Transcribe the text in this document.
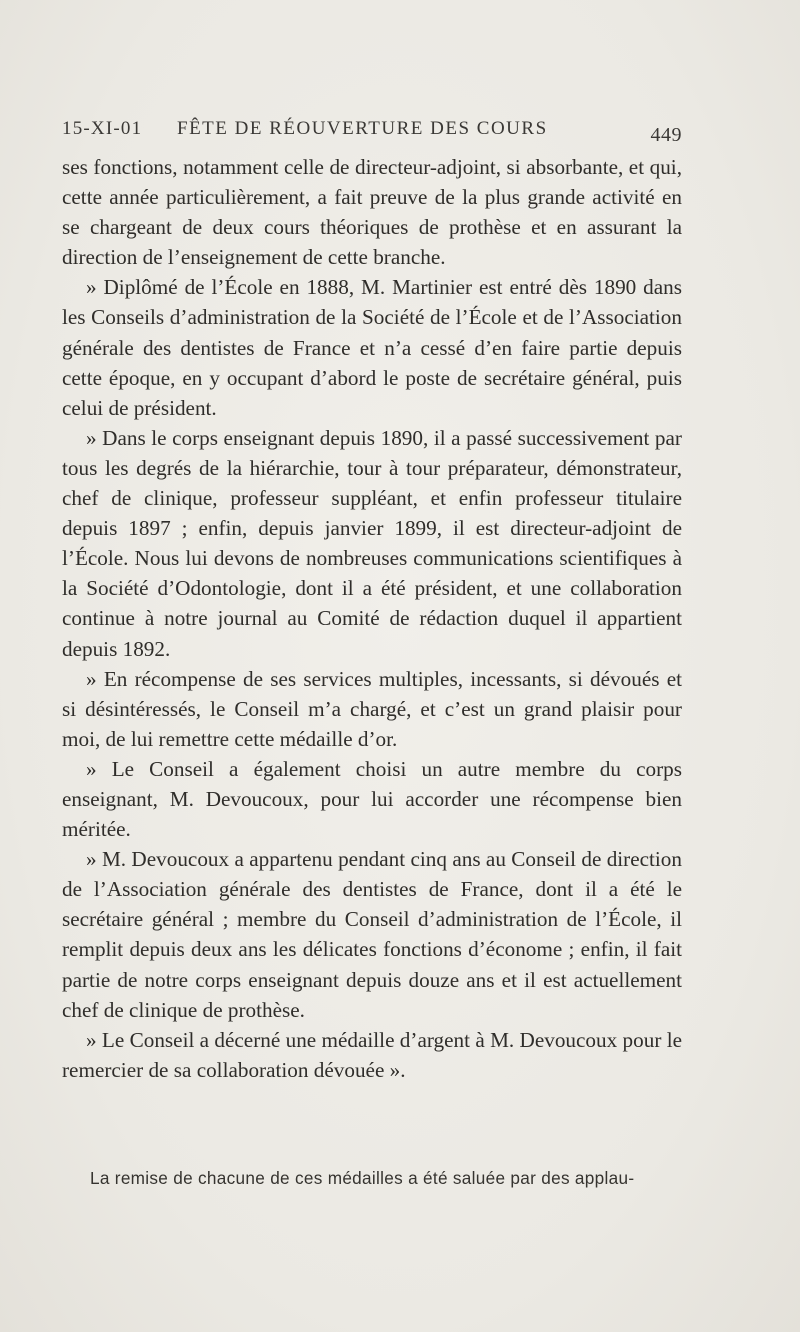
15-XI-01 FÊTE DE RÉOUVERTURE DES COURS	449

ses fonctions, notamment celle de directeur-adjoint, si absorbante, et qui, cette année particulièrement, a fait preuve de la plus grande activité en se chargeant de deux cours théoriques de prothèse et en assurant la direction de l’enseignement de cette branche.

» Diplômé de l’École en 1888, M. Martinier est entré dès 1890 dans les Conseils d’administration de la Société de l’École et de l’Association générale des dentistes de France et n’a cessé d’en faire partie depuis cette époque, en y occupant d’abord le poste de secrétaire général, puis celui de président.

» Dans le corps enseignant depuis 1890, il a passé successivement par tous les degrés de la hiérarchie, tour à tour préparateur, démonstrateur, chef de clinique, professeur suppléant, et enfin professeur titulaire depuis 1897 ; enfin, depuis janvier 1899, il est directeur-adjoint de l’École. Nous lui devons de nombreuses communications scientifiques à la Société d’Odontologie, dont il a été président, et une collaboration continue à notre journal au Comité de rédaction duquel il appartient depuis 1892.

» En récompense de ses services multiples, incessants, si dévoués et si désintéressés, le Conseil m’a chargé, et c’est un grand plaisir pour moi, de lui remettre cette médaille d’or.

» Le Conseil a également choisi un autre membre du corps enseignant, M. Devoucoux, pour lui accorder une récompense bien méritée.

» M. Devoucoux a appartenu pendant cinq ans au Conseil de direction de l’Association générale des dentistes de France, dont il a été le secrétaire général ; membre du Conseil d’administration de l’École, il remplit depuis deux ans les délicates fonctions d’économe ; enfin, il fait partie de notre corps enseignant depuis douze ans et il est actuellement chef de clinique de prothèse.

» Le Conseil a décerné une médaille d’argent à M. Devoucoux pour le remercier de sa collaboration dévouée ».

La remise de chacune de ces médailles a été saluée par des applau-
